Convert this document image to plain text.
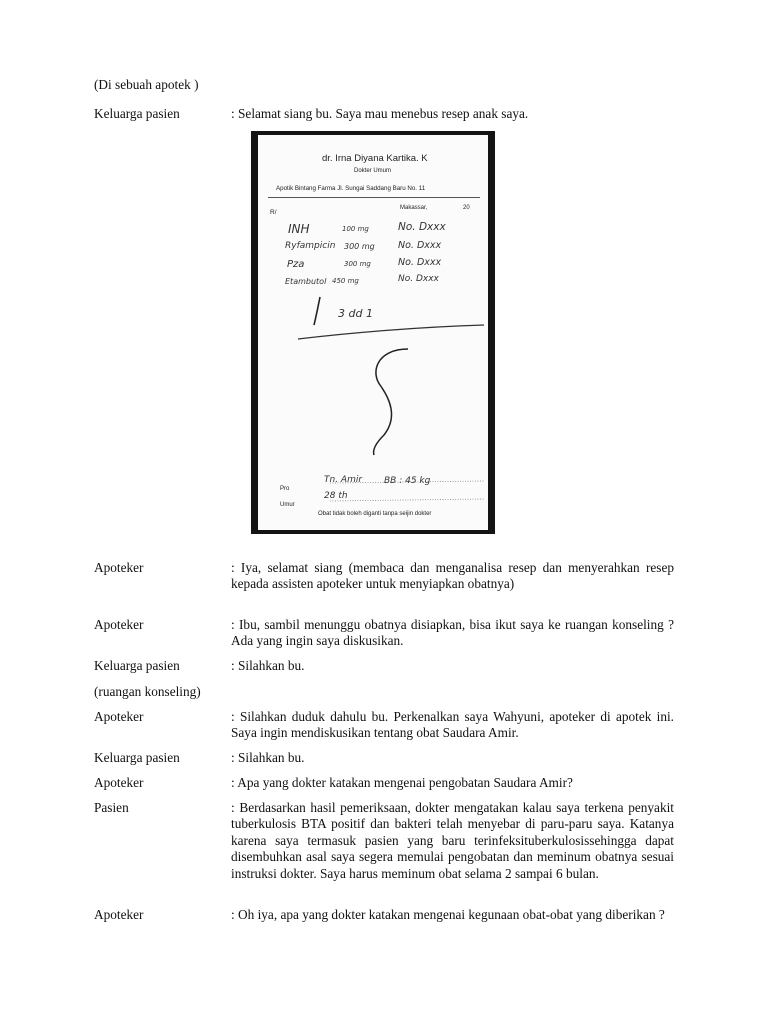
(Di sebuah apotek )
Keluarga pasien	: Selamat siang bu. Saya mau menebus resep anak saya.
dr. Irna Diyana Kartika. K
Dokter Umum
Apotik Bintang Farma Jl. Sungai Saddang Baru No. 11
R/
Makassar,	20
INH	100 mg	No. Dxxx
Ryfampicin 300 mg No. Dxxx
Pza	300 mg	No. Dxxx
Etambutol 450 mg	No. Dxxx
3 dd 1
Pro
Tn. Amir BB : 45 kg
Umur
28 th
Obat tidak boleh diganti tanpa seijin dokter
Apoteker	: Iya, selamat siang (membaca dan menganalisa resep dan menyerahkan resep kepada assisten apoteker untuk menyiapkan obatnya)
Apoteker	: Ibu, sambil menunggu obatnya disiapkan, bisa ikut saya ke ruangan konseling ? Ada yang ingin saya diskusikan.
Keluarga pasien	: Silahkan bu.
(ruangan konseling)
Apoteker	: Silahkan duduk dahulu bu. Perkenalkan saya Wahyuni, apoteker di apotek ini. Saya ingin mendiskusikan tentang obat Saudara Amir.
Keluarga pasien	: Silahkan bu.
Apoteker	: Apa yang dokter katakan mengenai pengobatan Saudara Amir?
Pasien	: Berdasarkan hasil pemeriksaan, dokter mengatakan kalau saya terkena penyakit tuberkulosis BTA positif dan bakteri telah menyebar di paru-paru saya. Katanya karena saya termasuk pasien yang baru terinfeksituberkulosissehingga dapat disembuhkan asal saya segera memulai pengobatan dan meminum obatnya sesuai instruksi dokter. Saya harus meminum obat selama 2 sampai 6 bulan.
Apoteker	: Oh iya, apa yang dokter katakan mengenai kegunaan obat-obat yang diberikan ?
